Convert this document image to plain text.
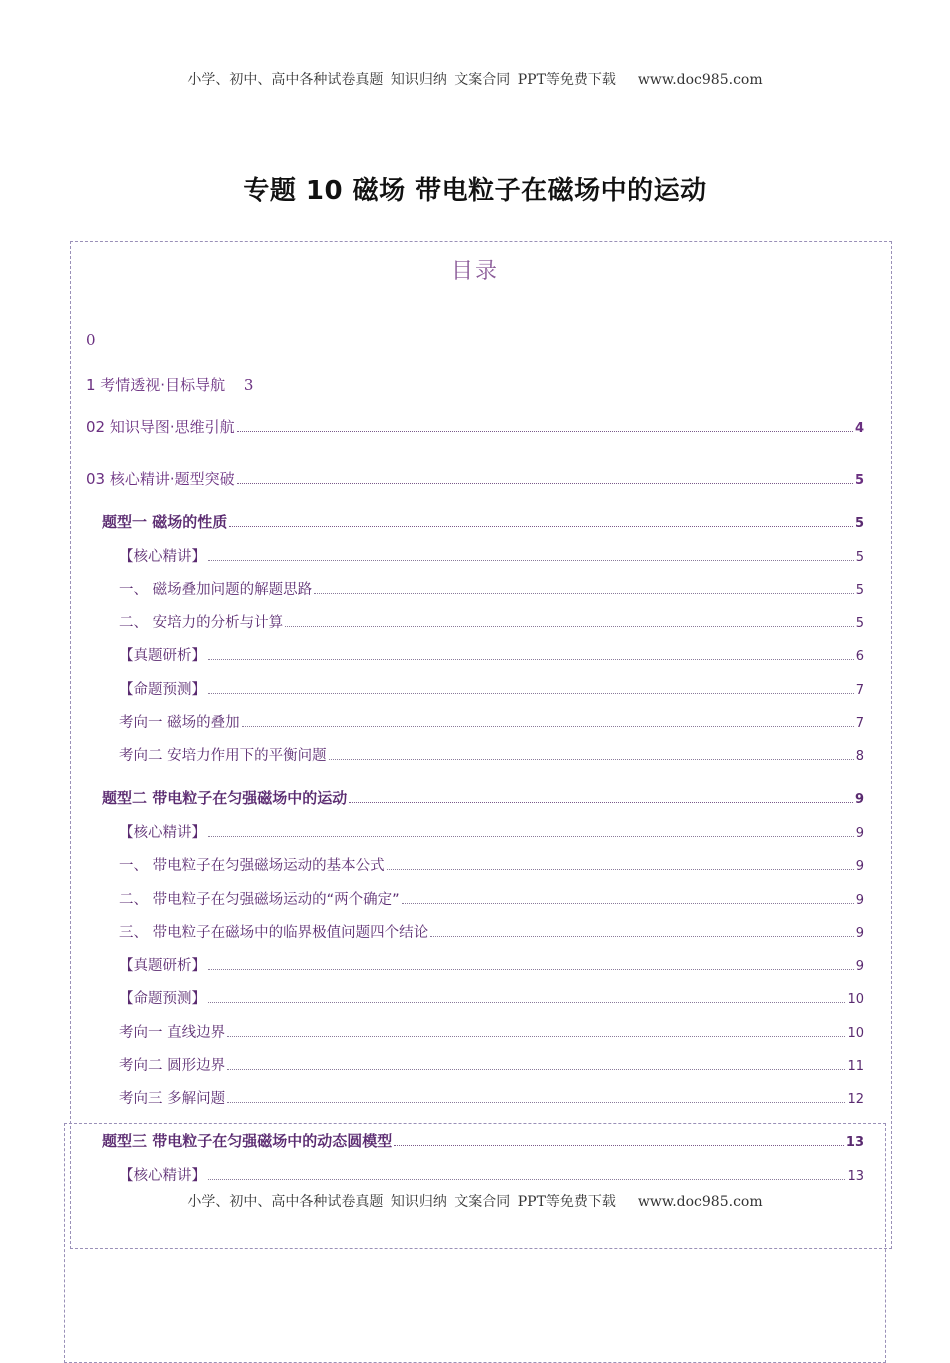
小学、初中、高中各种试卷真题 知识归纳 文案合同 PPT等免费下载 www.doc985.com
专题 10 磁场 带电粒子在磁场中的运动
目录
0
1 考情透视·目标导航 3
02 知识导图·思维引航	4
03 核心精讲·题型突破	5
题型一 磁场的性质	5
【核心精讲】	5
一、 磁场叠加问题的解题思路	5
二、 安培力的分析与计算	5
【真题研析】	6
【命题预测】	7
考向一 磁场的叠加	7
考向二 安培力作用下的平衡问题	8
题型二 带电粒子在匀强磁场中的运动	9
【核心精讲】	9
一、 带电粒子在匀强磁场运动的基本公式	9
二、 带电粒子在匀强磁场运动的“两个确定”	9
三、 带电粒子在磁场中的临界极值问题四个结论	9
【真题研析】	9
【命题预测】	10
考向一 直线边界	10
考向二 圆形边界	11
考向三 多解问题	12
题型三 带电粒子在匀强磁场中的动态圆模型	13
【核心精讲】	13
小学、初中、高中各种试卷真题 知识归纳 文案合同 PPT等免费下载 www.doc985.com
